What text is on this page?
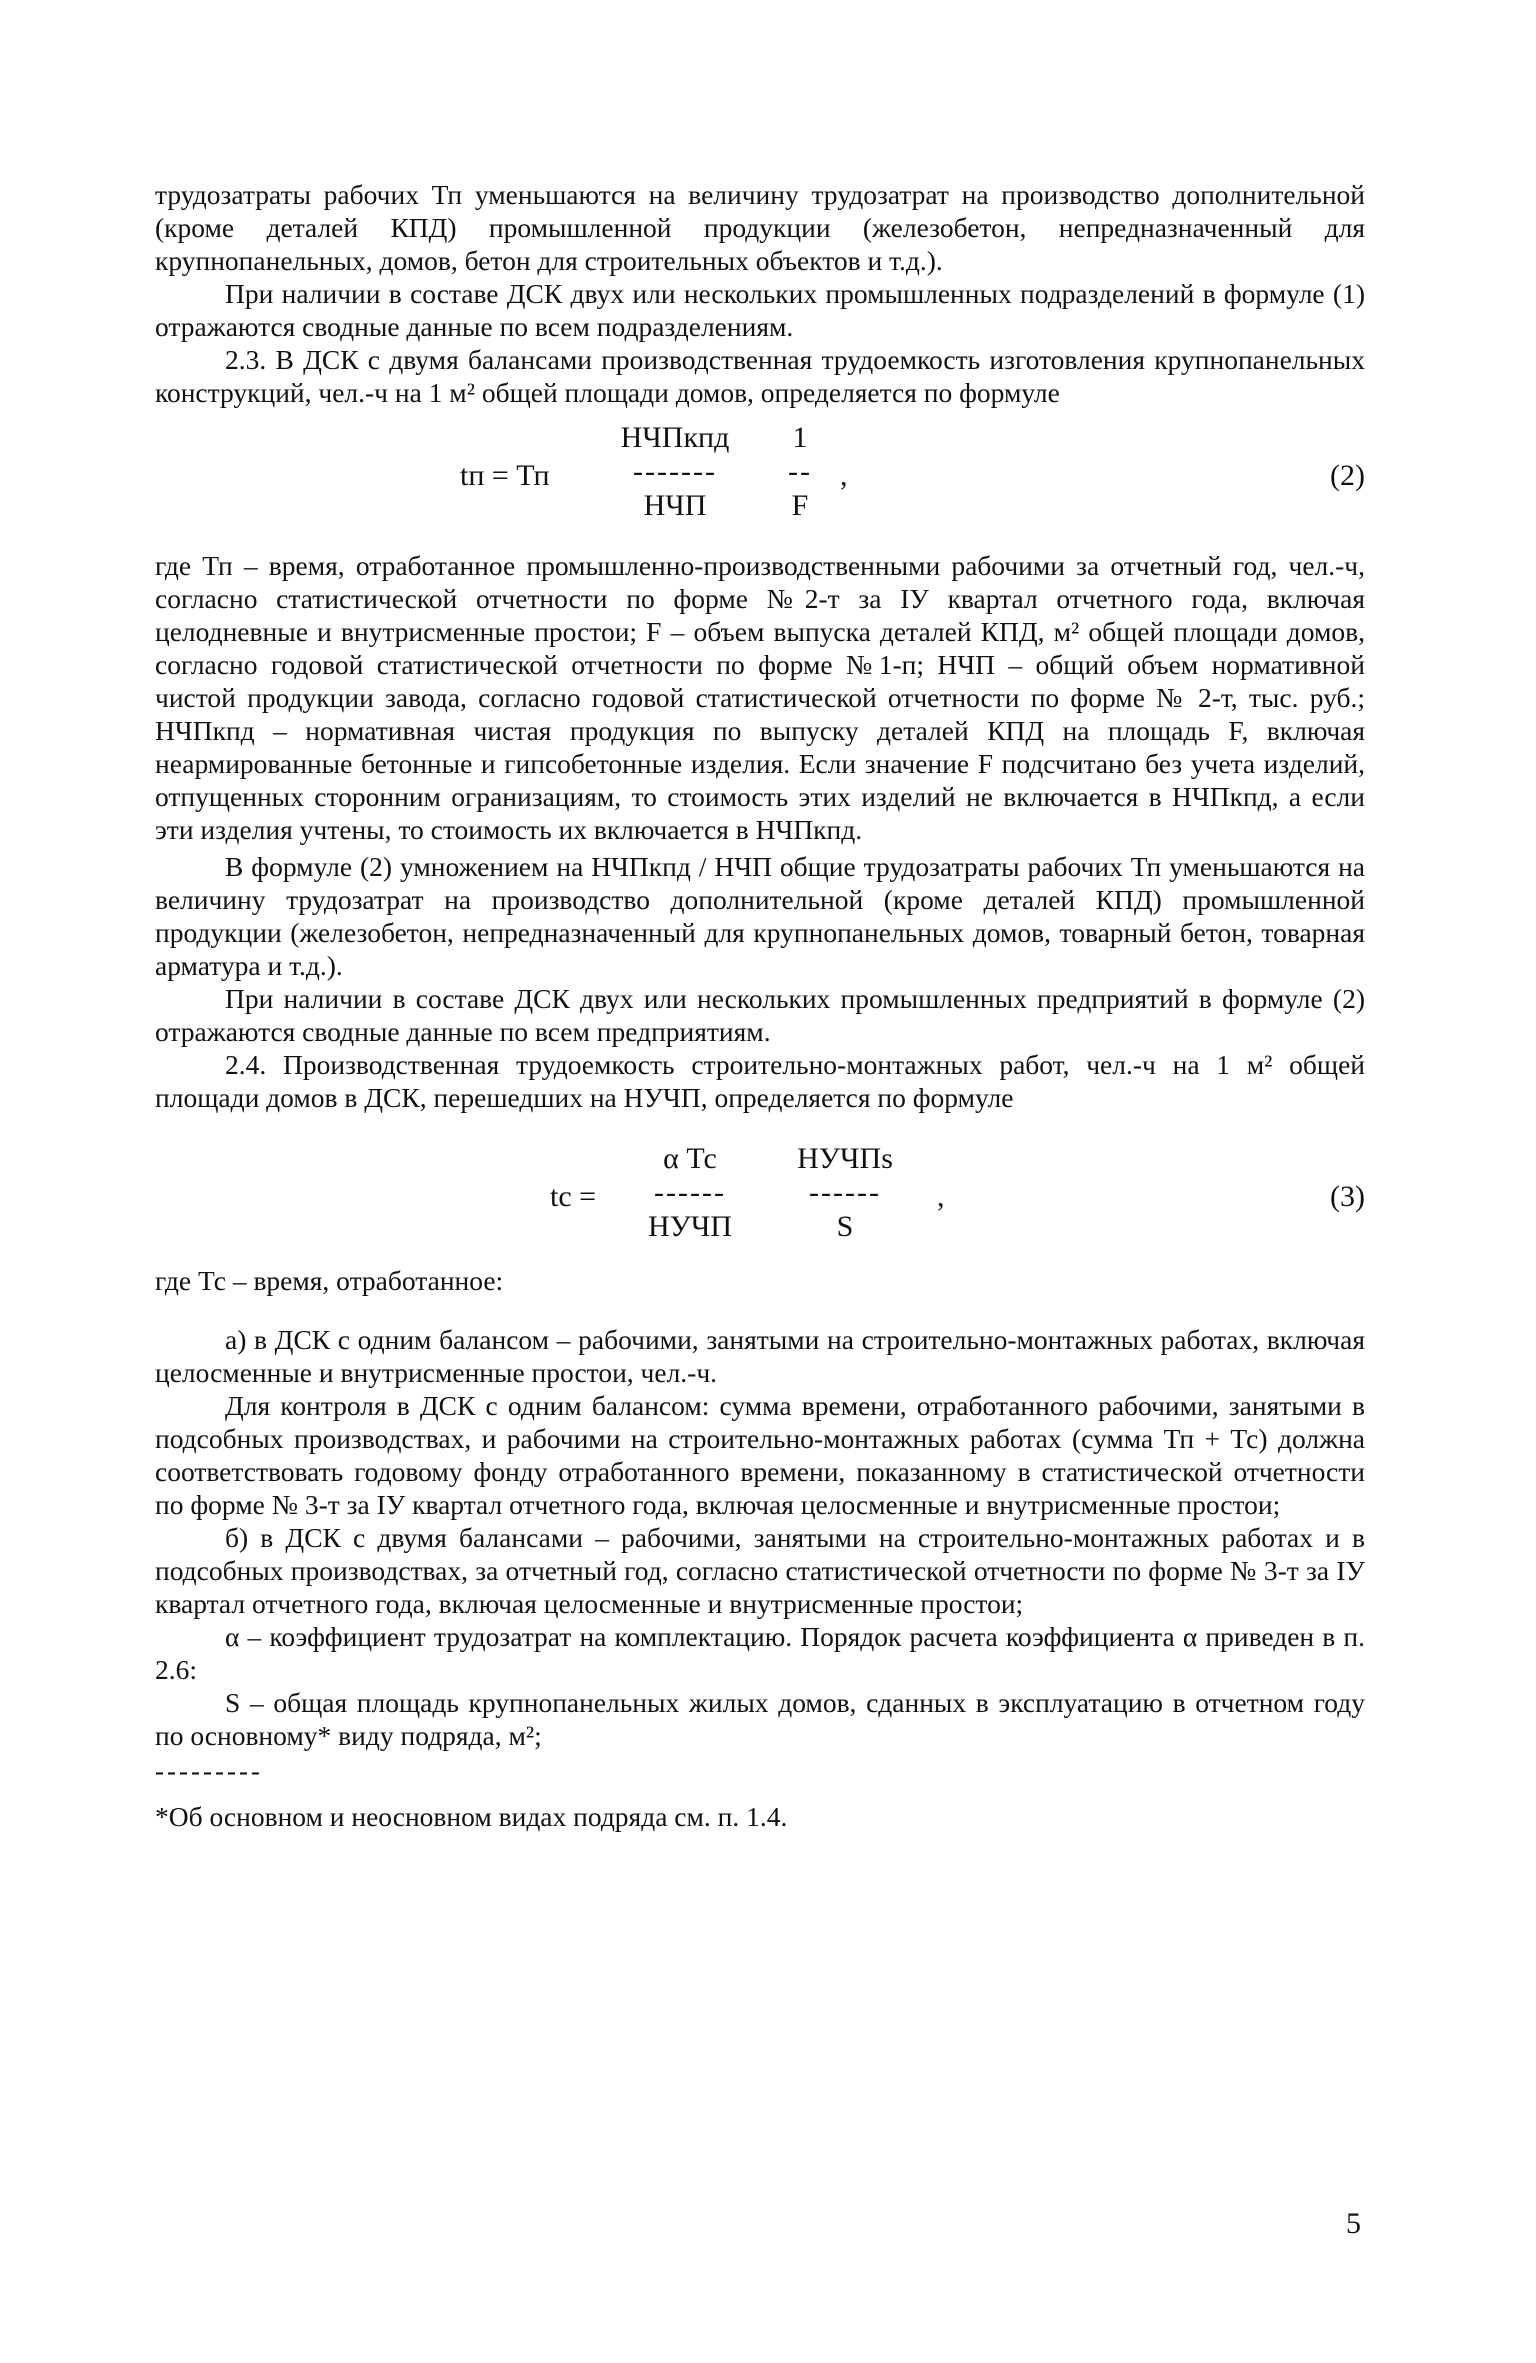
трудозатраты рабочих Тп уменьшаются на величину трудозатрат на производство дополнительной (кроме деталей КПД) промышленной продукции (железобетон, непредназначенный для крупнопанельных, домов, бетон для строительных объектов и т.д.).

При наличии в составе ДСК двух или нескольких промышленных подразделений в формуле (1) отражаются сводные данные по всем подразделениям.

2.3. В ДСК с двумя балансами производственная трудоемкость изготовления крупнопанельных конструкций, чел.-ч на 1 м² общей площади домов, определяется по формуле

tп = Тп
НЧПкпд
-------
НЧП
1
--
F
,	(2)

где Тп – время, отработанное промышленно-производственными рабочими за отчетный год, чел.-ч, согласно статистической отчетности по форме №2-т за IУ квартал отчетного года, включая целодневные и внутрисменные простои; F – объем выпуска деталей КПД, м² общей площади домов, согласно годовой статистической отчетности по форме №1-п; НЧП – общий объем нормативной чистой продукции завода, согласно годовой статистической отчетности по форме № 2-т, тыс. руб.; НЧПкпд – нормативная чистая продукция по выпуску деталей КПД на площадь F, включая неармированные бетонные и гипсобетонные изделия. Если значение F подсчитано без учета изделий, отпущенных сторонним огранизациям, то стоимость этих изделий не включается в НЧПкпд, а если эти изделия учтены, то стоимость их включается в НЧПкпд.

В формуле (2) умножением на НЧПкпд / НЧП общие трудозатраты рабочих Тп уменьшаются на величину трудозатрат на производство дополнительной (кроме деталей КПД) промышленной продукции (железобетон, непредназначенный для крупнопанельных домов, товарный бетон, товарная арматура и т.д.).

При наличии в составе ДСК двух или нескольких промышленных предприятий в формуле (2) отражаются сводные данные по всем предприятиям.

2.4. Производственная трудоемкость строительно-монтажных работ, чел.-ч на 1 м² общей площади домов в ДСК, перешедших на НУЧП, определяется по формуле

tс =
α Тс
------
НУЧП
НУЧПs
------
S
,	(3)

где Тс – время, отработанное:

а) в ДСК с одним балансом – рабочими, занятыми на строительно-монтажных работах, включая целосменные и внутрисменные простои, чел.-ч.

Для контроля в ДСК с одним балансом: сумма времени, отработанного рабочими, занятыми в подсобных производствах, и рабочими на строительно-монтажных работах (сумма Тп + Тс) должна соответствовать годовому фонду отработанного времени, показанному в статистической отчетности по форме № 3-т за IУ квартал отчетного года, включая целосменные и внутрисменные простои;

б) в ДСК с двумя балансами – рабочими, занятыми на строительно-монтажных работах и в подсобных производствах, за отчетный год, согласно статистической отчетности по форме № 3-т за IУ квартал отчетного года, включая целосменные и внутрисменные простои;

α – коэффициент трудозатрат на комплектацию. Порядок расчета коэффициента α приведен в п. 2.6:

S – общая площадь крупнопанельных жилых домов, сданных в эксплуатацию в отчетном году по основному* виду подряда, м²;

---------
*Об основном и неосновном видах подряда см. п. 1.4.
5
